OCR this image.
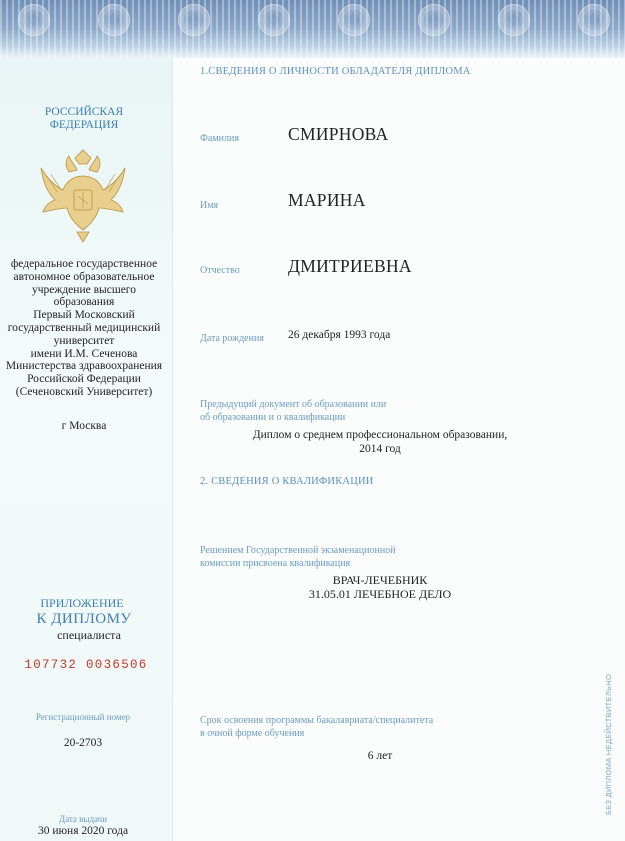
РОССИЙСКАЯ
ФЕДЕРАЦИЯ
федеральное государственное
автономное образовательное
учреждение высшего
образования
Первый Московский
государственный медицинский
университет
имени И.М. Сеченова
Министерства здравоохранения
Российской Федерации
(Сеченовский Университет)
г Москва
ПРИЛОЖЕНИЕ
К ДИПЛОМУ
специалиста
107732 0036506
Регистрационный номер
20-2703
Дата выдачи
30 июня 2020 года
1.СВЕДЕНИЯ О ЛИЧНОСТИ ОБЛАДАТЕЛЯ ДИПЛОМА
Фамилия	СМИРНОВА
Имя	МАРИНА
Отчество	ДМИТРИЕВНА
Дата рождения 26 декабря 1993 года
Предыдущий документ об образовании или
об образовании и о квалификации
Диплом о среднем профессиональном образовании,
2014 год
2. СВЕДЕНИЯ О КВАЛИФИКАЦИИ
Решением Государственной экзаменационной
комиссии присвоена квалификация
ВРАЧ-ЛЕЧЕБНИК
31.05.01 ЛЕЧЕБНОЕ ДЕЛО
Срок освоения программы бакалавриата/специалитета
в очной форме обучения
6 лет	БЕЗ ДИПЛОМА НЕДЕЙСТВИТЕЛЬНО
